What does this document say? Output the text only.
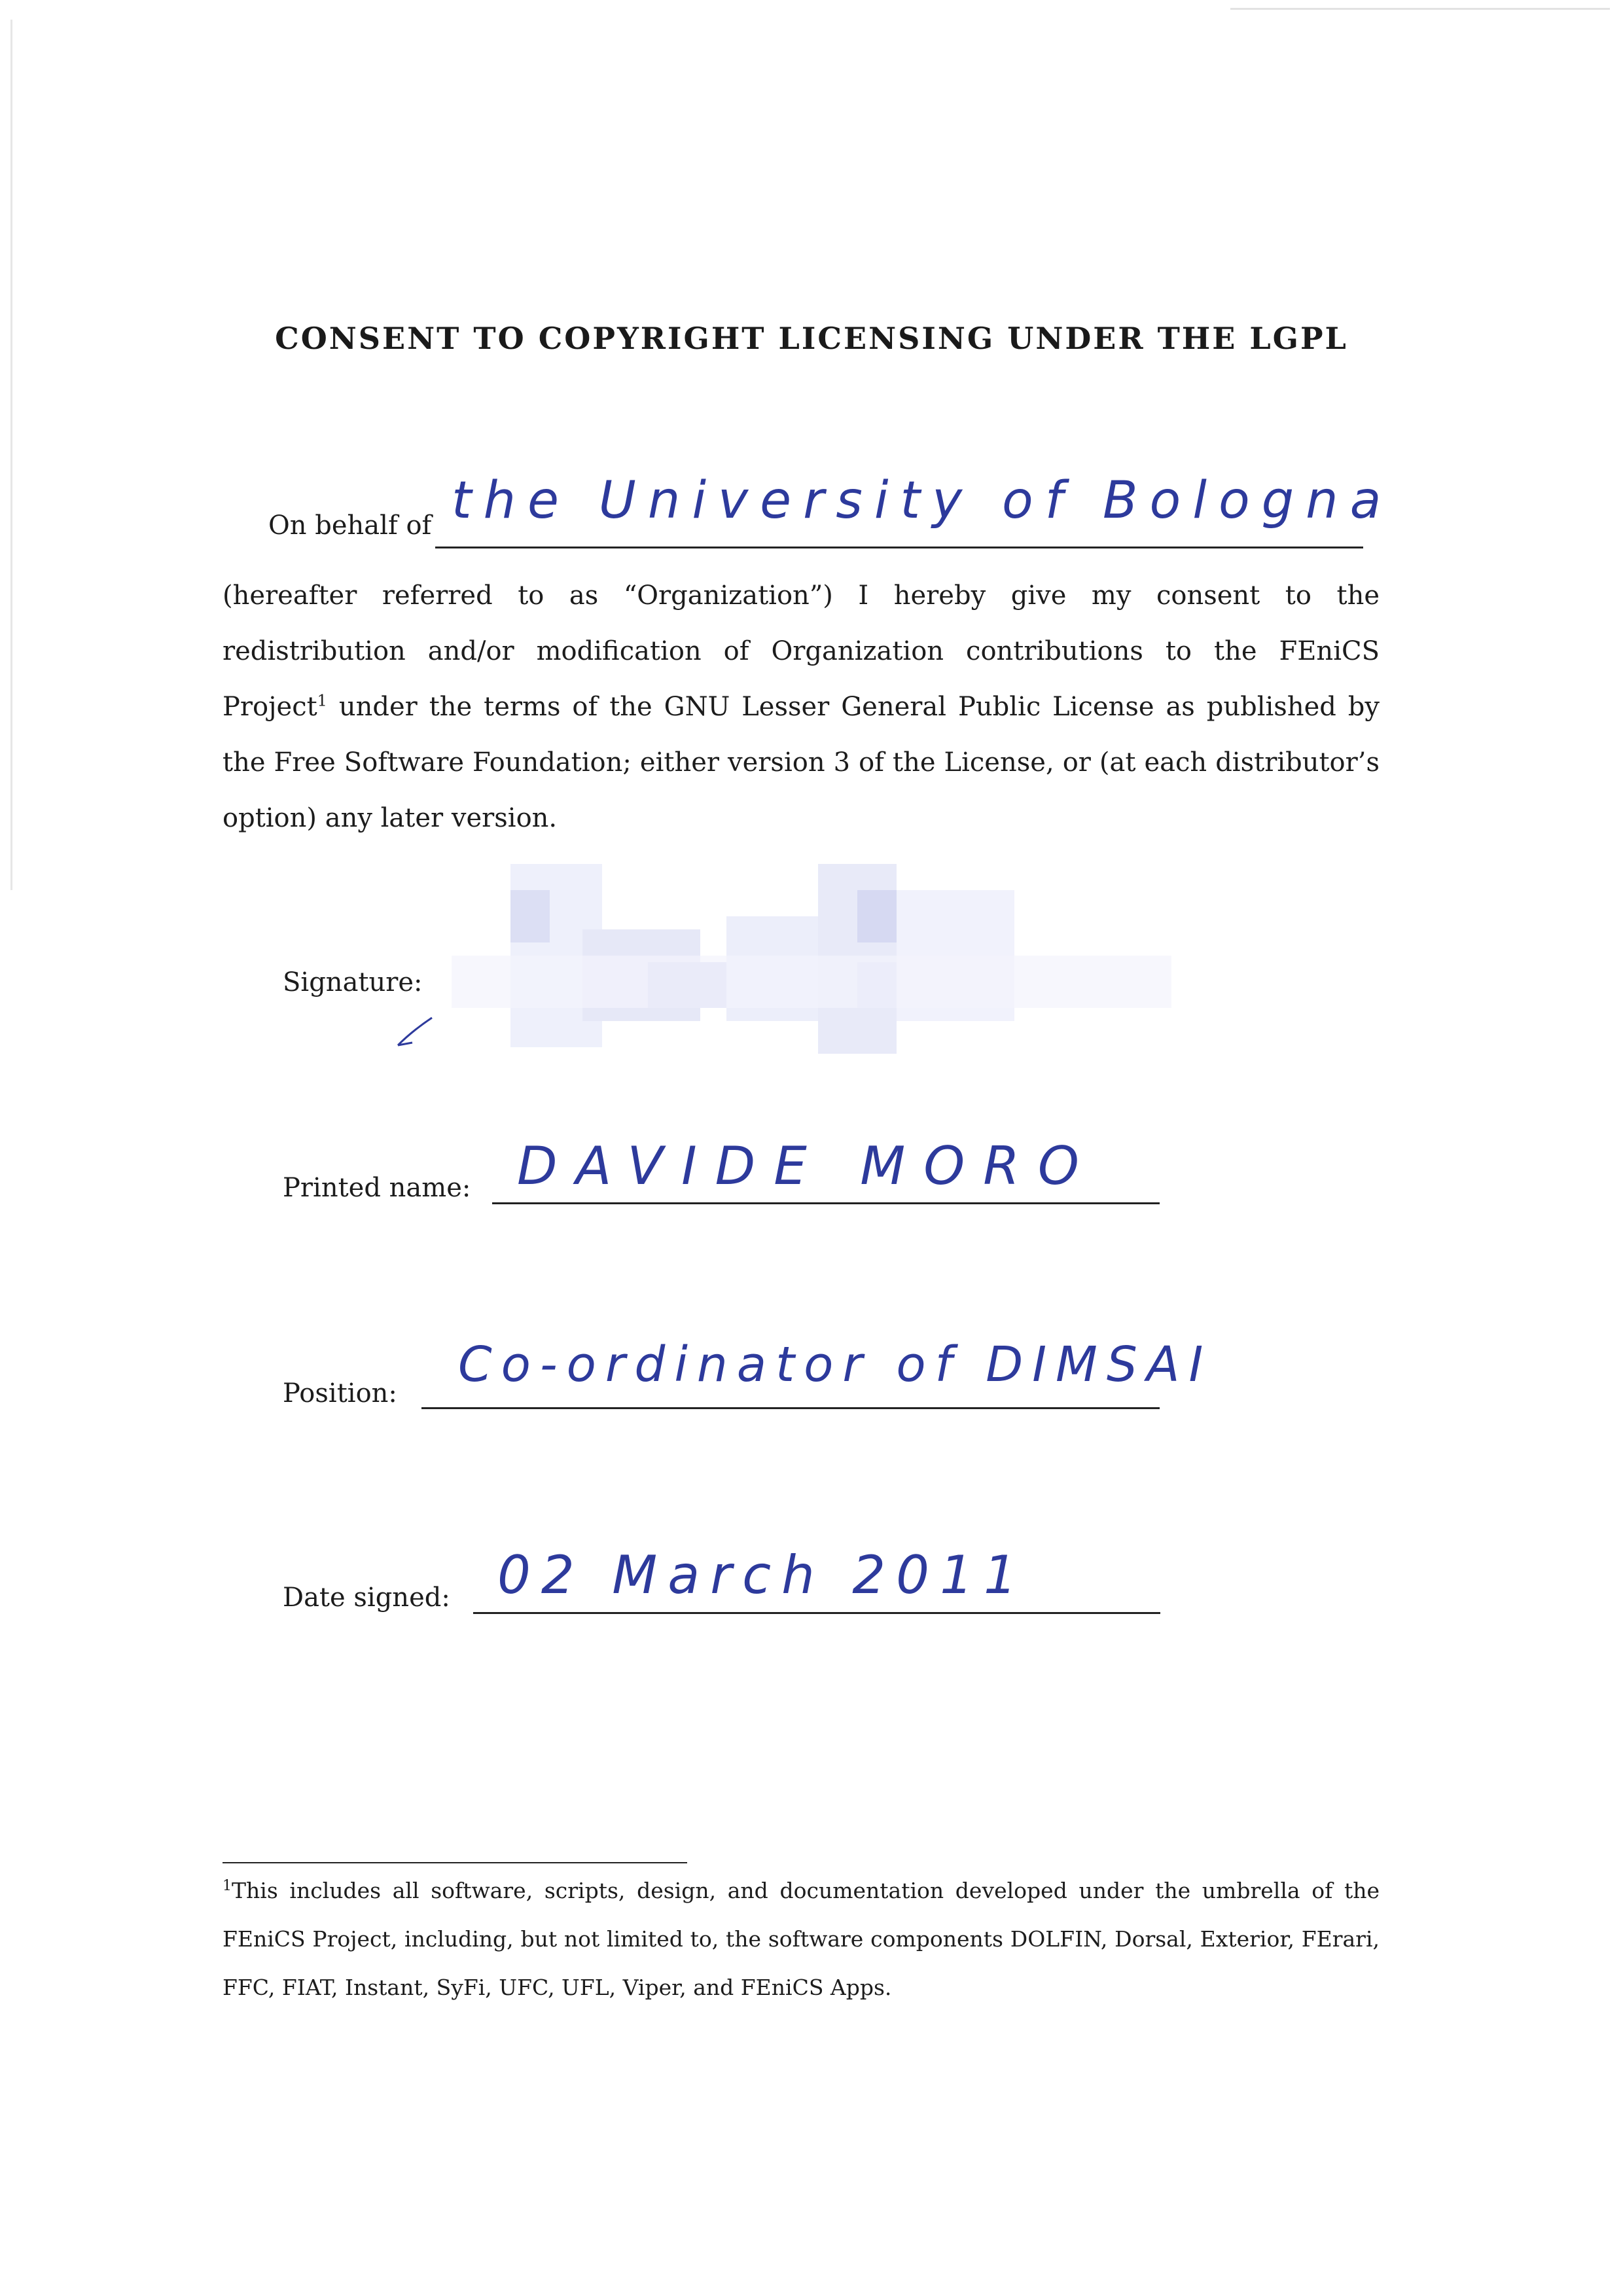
CONSENT TO COPYRIGHT LICENSING UNDER THE LGPL
On behalf of the University of Bologna
(hereafter referred to as “Organization”) I hereby give my consent to the redistribution and/or modification of Organization contributions to the FEniCS Project$^1$ under the terms of the GNU Lesser General Public License as published by the Free Software Foundation; either version 3 of the License, or (at each distributor’s option) any later version.
Signature:
Printed name: DAVIDE MORO
Position:
Co-ordinator of DIMSAI
Date signed: 02 March 2011
$^1$This includes all software, scripts, design, and documentation developed under the umbrella of the FEniCS Project, including, but not limited to, the software components DOLFIN, Dorsal, Exterior, FErari, FFC, FIAT, Instant, SyFi, UFC, UFL, Viper, and FEniCS Apps.
